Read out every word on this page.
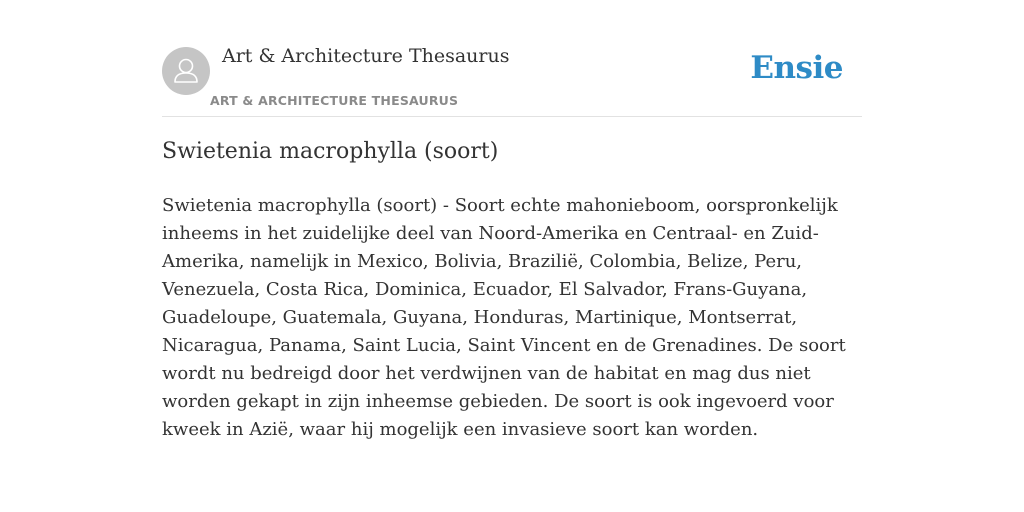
Art & Architecture Thesaurus
ART & ARCHITECTURE THESAURUS
Ensie
Swietenia macrophylla (soort)

Swietenia macrophylla (soort) - Soort echte mahonieboom, oorspronkelijk inheems in het zuidelijke deel van Noord-Amerika en Centraal- en Zuid-Amerika, namelijk in Mexico, Bolivia, Brazilië, Colombia, Belize, Peru, Venezuela, Costa Rica, Dominica, Ecuador, El Salvador, Frans-Guyana, Guadeloupe, Guatemala, Guyana, Honduras, Martinique, Montserrat, Nicaragua, Panama, Saint Lucia, Saint Vincent en de Grenadines. De soort wordt nu bedreigd door het verdwijnen van de habitat en mag dus niet worden gekapt in zijn inheemse gebieden. De soort is ook ingevoerd voor kweek in Azië, waar hij mogelijk een invasieve soort kan worden.
